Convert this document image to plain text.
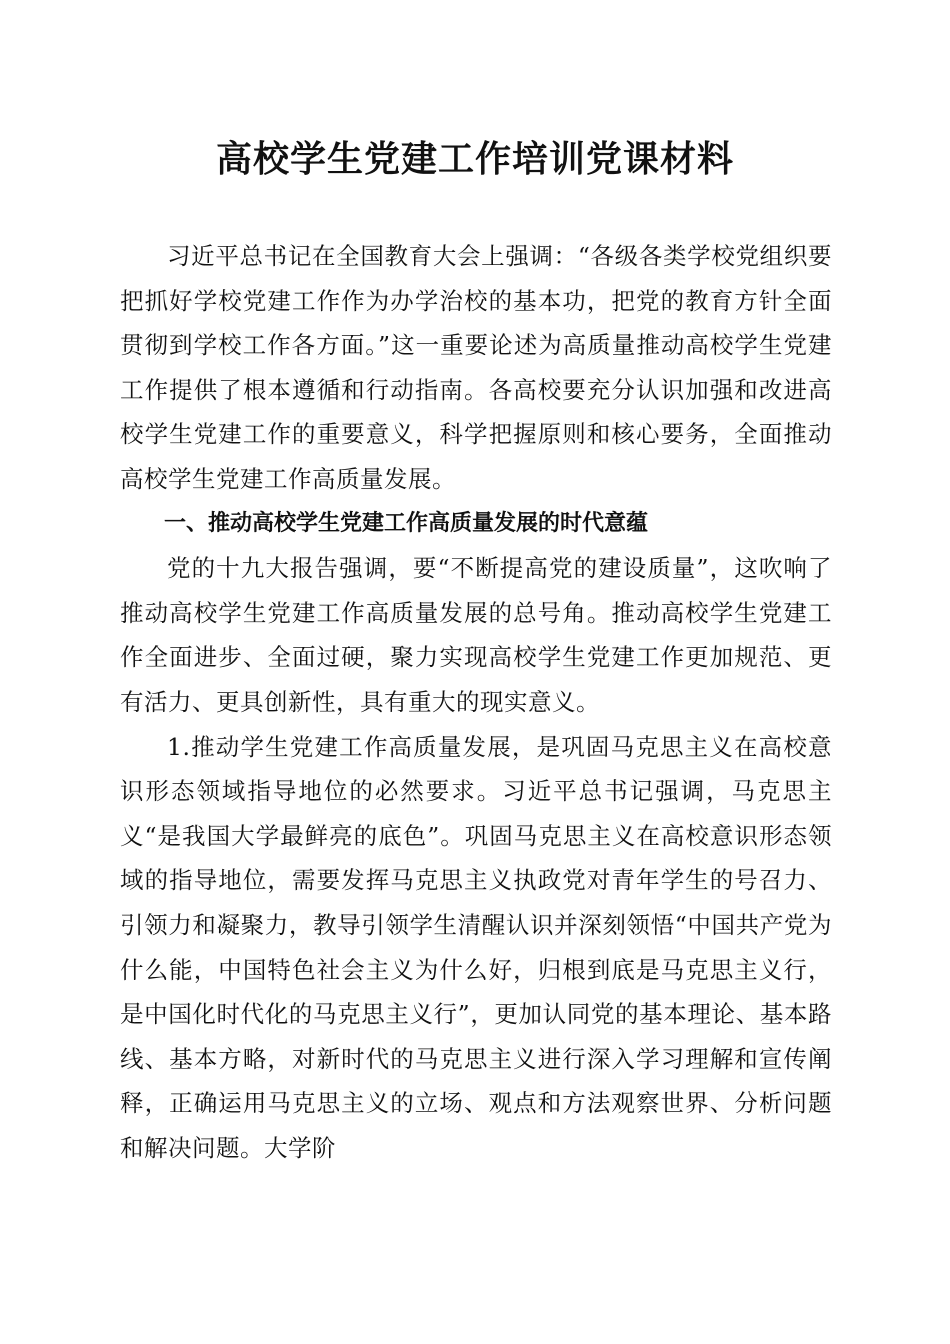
高校学生党建工作培训党课材料

习近平总书记在全国教育大会上强调：“各级各类学校党组织要把抓好学校党建工作作为办学治校的基本功，把党的教育方针全面贯彻到学校工作各方面。”这一重要论述为高质量推动高校学生党建工作提供了根本遵循和行动指南。各高校要充分认识加强和改进高校学生党建工作的重要意义，科学把握原则和核心要务，全面推动高校学生党建工作高质量发展。

一、推动高校学生党建工作高质量发展的时代意蕴

党的十九大报告强调，要“不断提高党的建设质量”，这吹响了推动高校学生党建工作高质量发展的总号角。推动高校学生党建工作全面进步、全面过硬，聚力实现高校学生党建工作更加规范、更有活力、更具创新性，具有重大的现实意义。

1.推动学生党建工作高质量发展，是巩固马克思主义在高校意识形态领域指导地位的必然要求。习近平总书记强调，马克思主义“是我国大学最鲜亮的底色”。巩固马克思主义在高校意识形态领域的指导地位，需要发挥马克思主义执政党对青年学生的号召力、引领力和凝聚力，教导引领学生清醒认识并深刻领悟“中国共产党为什么能，中国特色社会主义为什么好，归根到底是马克思主义行，是中国化时代化的马克思主义行”，更加认同党的基本理论、基本路线、基本方略，对新时代的马克思主义进行深入学习理解和宣传阐释，正确运用马克思主义的立场、观点和方法观察世界、分析问题和解决问题。大学阶
